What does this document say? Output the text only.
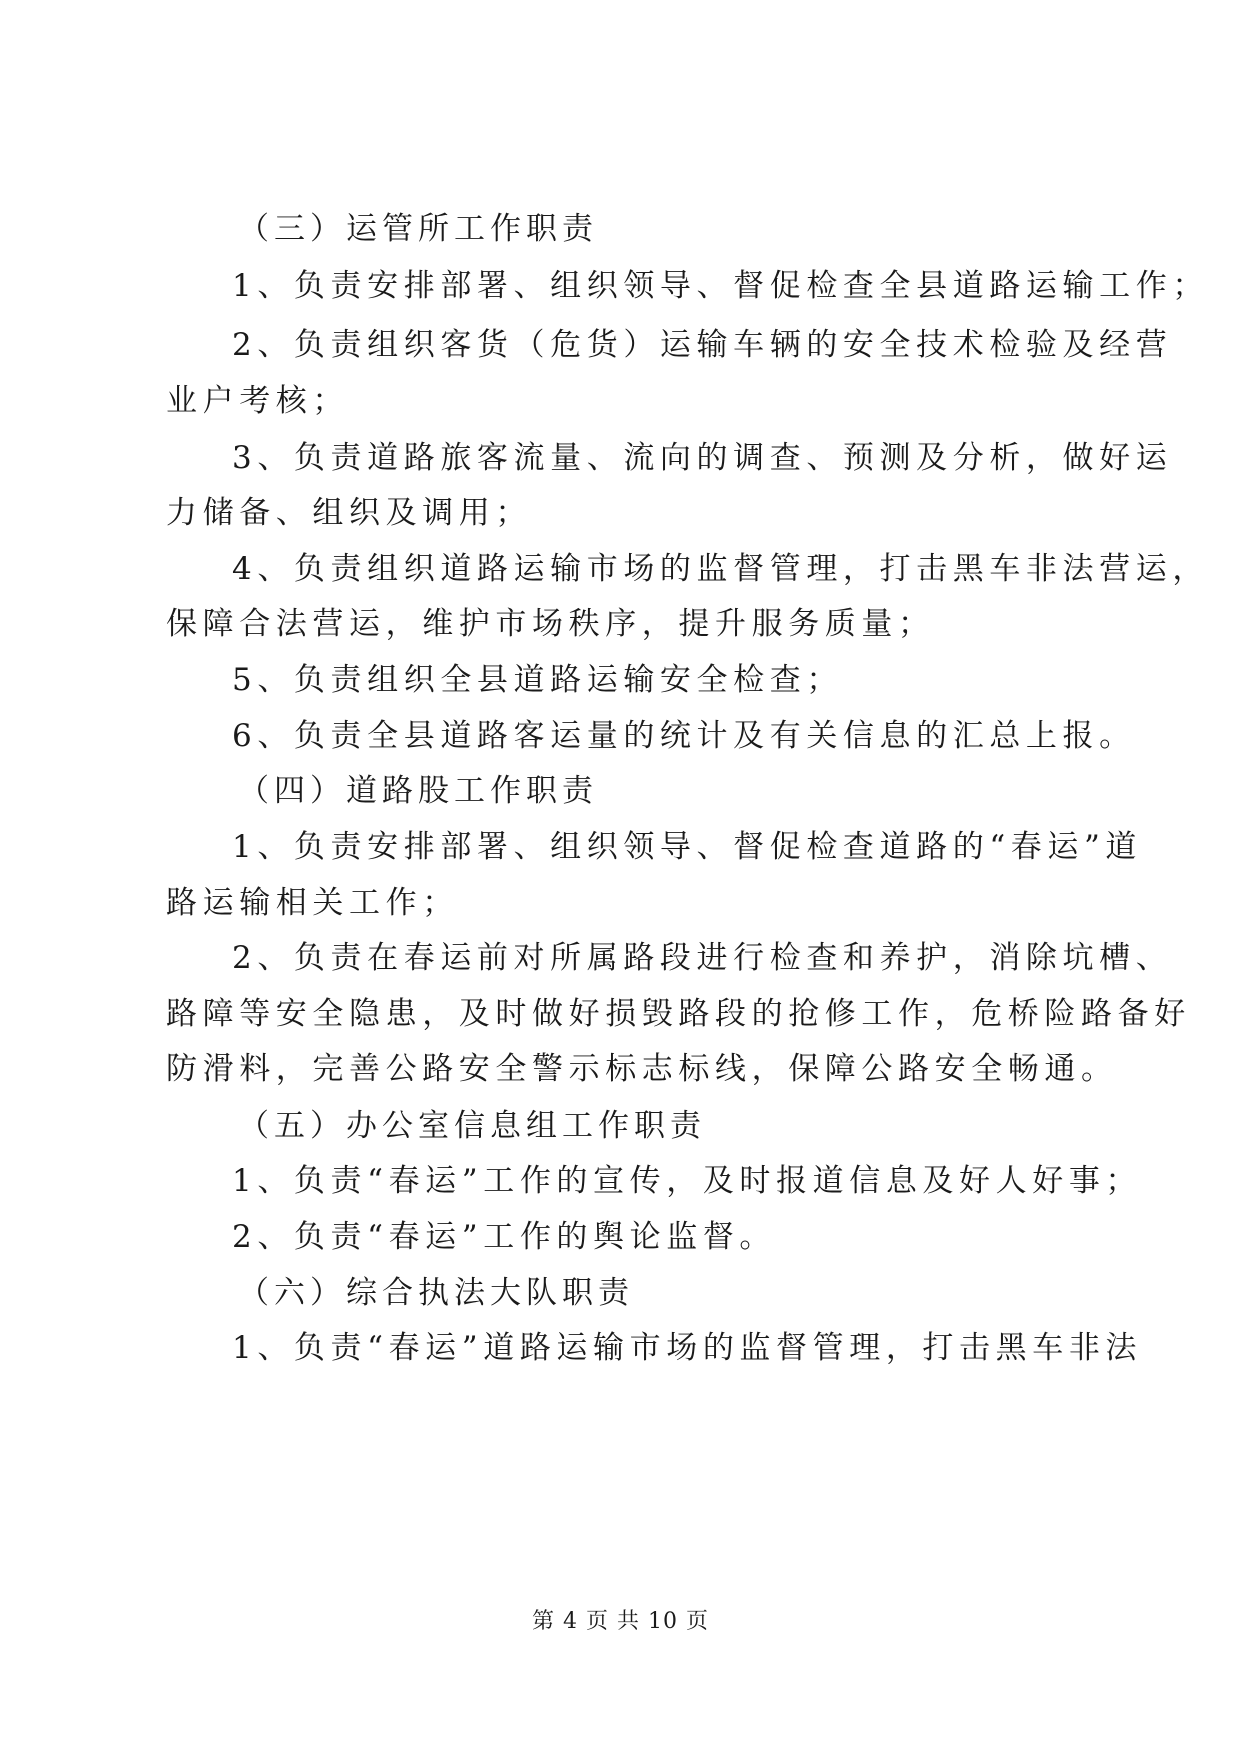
（三）运管所工作职责
1、负责安排部署、组织领导、督促检查全县道路运输工作；
2、负责组织客货（危货）运输车辆的安全技术检验及经营
业户考核；
3、负责道路旅客流量、流向的调查、预测及分析，做好运
力储备、组织及调用；
4、负责组织道路运输市场的监督管理，打击黑车非法营运，
保障合法营运，维护市场秩序，提升服务质量；
5、负责组织全县道路运输安全检查；
6、负责全县道路客运量的统计及有关信息的汇总上报。
（四）道路股工作职责
1、负责安排部署、组织领导、督促检查道路的“春运”道
路运输相关工作；
2、负责在春运前对所属路段进行检查和养护，消除坑槽、
路障等安全隐患，及时做好损毁路段的抢修工作，危桥险路备好
防滑料，完善公路安全警示标志标线，保障公路安全畅通。
（五）办公室信息组工作职责
1、负责“春运”工作的宣传，及时报道信息及好人好事；
2、负责“春运”工作的舆论监督。
（六）综合执法大队职责
1、负责“春运”道路运输市场的监督管理，打击黑车非法
第 4 页 共 10 页
